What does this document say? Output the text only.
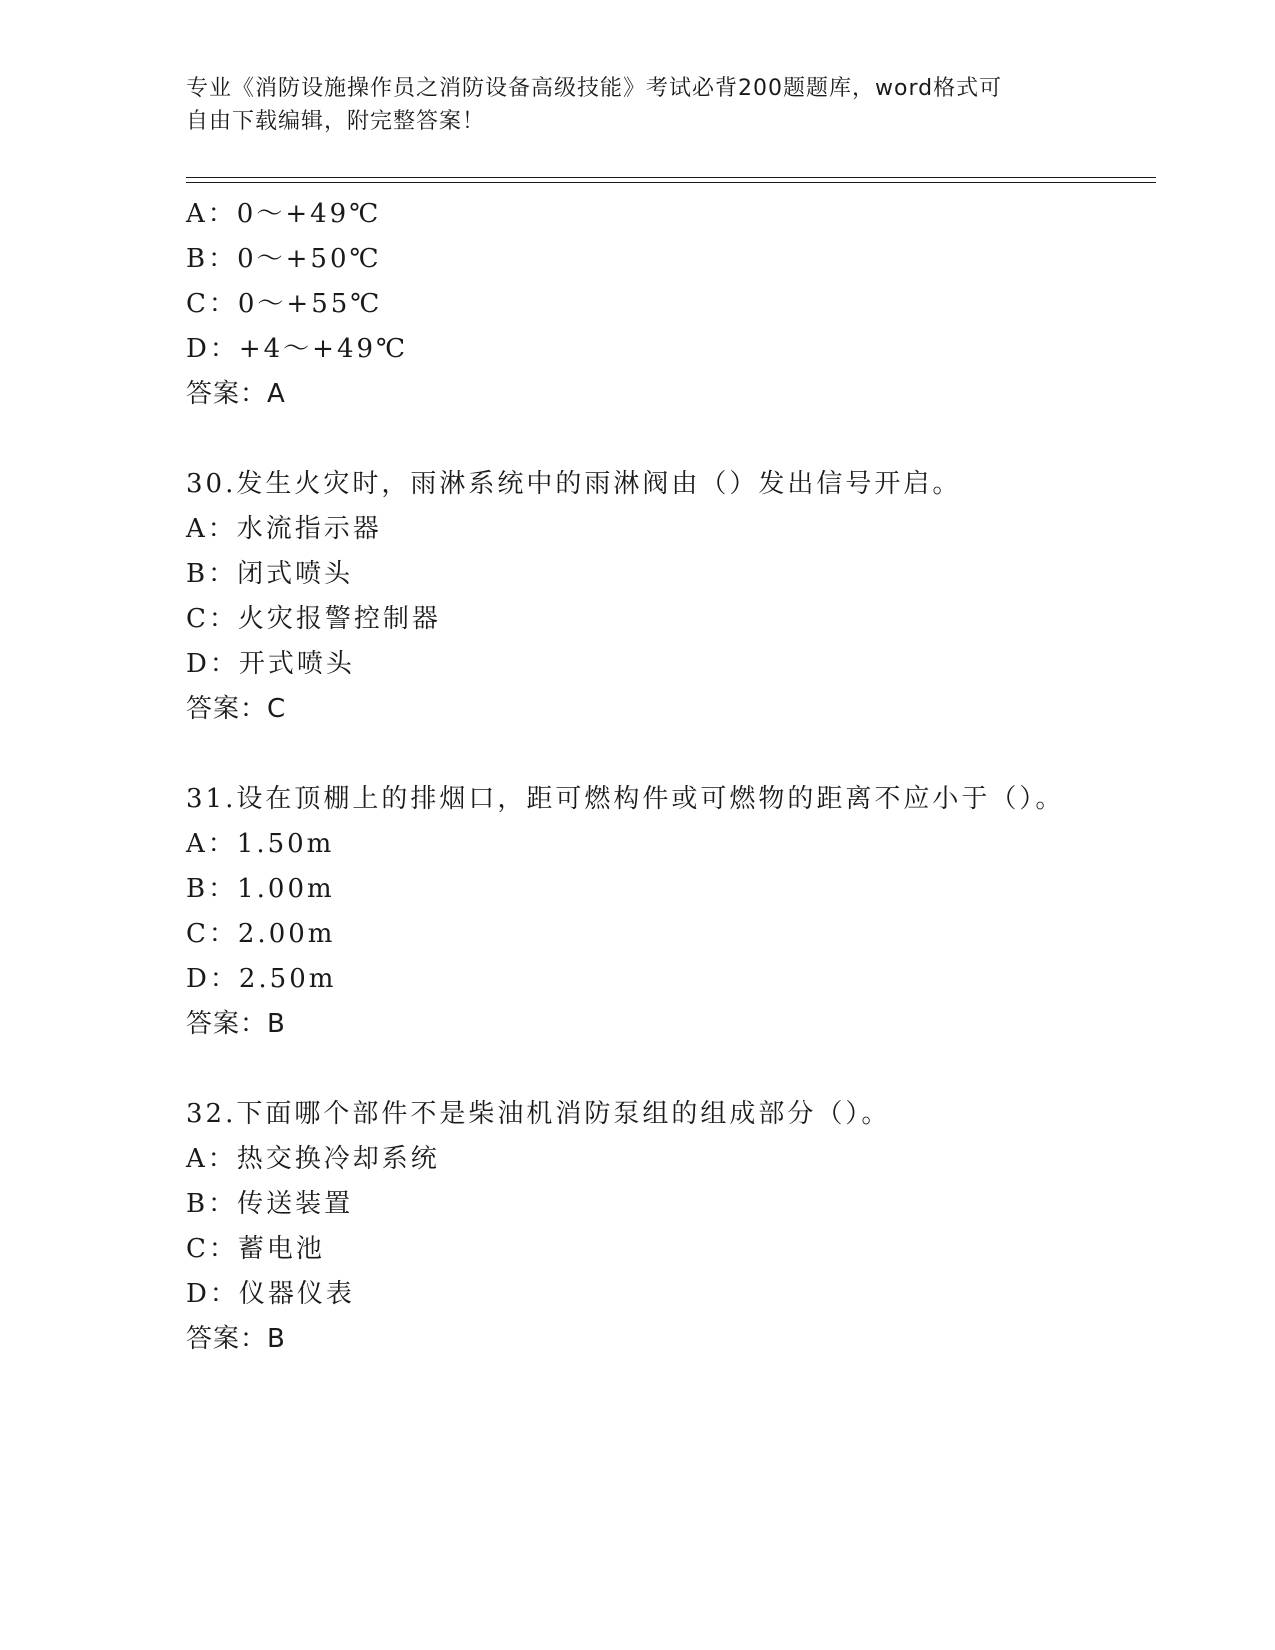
专业《消防设施操作员之消防设备高级技能》考试必背200题题库，word格式可
自由下载编辑，附完整答案！
A：0～+49℃
B：0～+50℃
C：0～+55℃
D：+4～+49℃
答案：A
30.发生火灾时，雨淋系统中的雨淋阀由（）发出信号开启。
A：水流指示器
B：闭式喷头
C：火灾报警控制器
D：开式喷头
答案：C
31.设在顶棚上的排烟口，距可燃构件或可燃物的距离不应小于（）。
A：1.50m
B：1.00m
C：2.00m
D：2.50m
答案：B
32.下面哪个部件不是柴油机消防泵组的组成部分（）。
A：热交换冷却系统
B：传送装置
C：蓄电池
D：仪器仪表
答案：B
